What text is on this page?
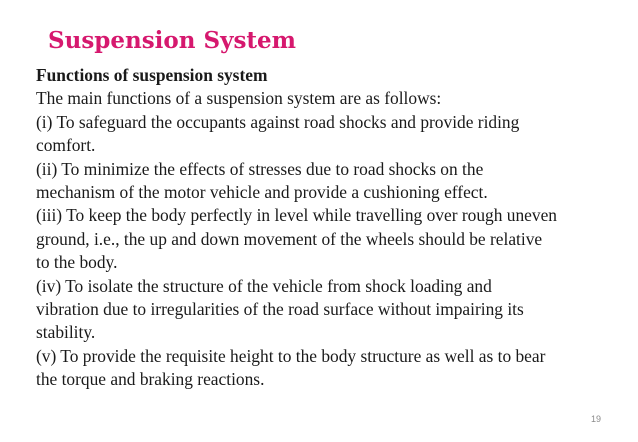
Suspension System
Functions of suspension system
The main functions of a suspension system are as follows:
(i) To safeguard the occupants against road shocks and provide riding
comfort.
(ii) To minimize the effects of stresses due to road shocks on the
mechanism of the motor vehicle and provide a cushioning effect.
(iii) To keep the body perfectly in level while travelling over rough uneven
ground, i.e., the up and down movement of the wheels should be relative
to the body.
(iv) To isolate the structure of the vehicle from shock loading and
vibration due to irregularities of the road surface without impairing its
stability.
(v) To provide the requisite height to the body structure as well as to bear
the torque and braking reactions.
19
